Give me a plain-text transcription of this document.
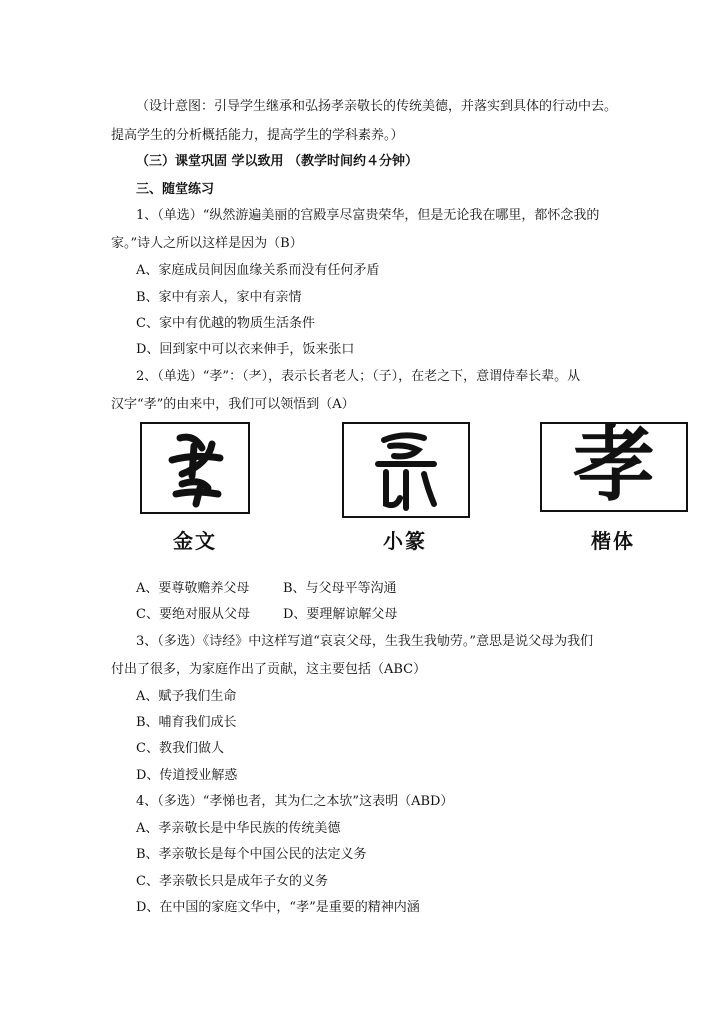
（设计意图：引导学生继承和弘扬孝亲敬长的传统美德，并落实到具体的行动中去。
提高学生的分析概括能力，提高学生的学科素养。）
（三）课堂巩固 学以致用 （教学时间约４分钟）
三、随堂练习
1、（单选）“纵然游遍美丽的宫殿享尽富贵荣华，但是无论我在哪里，都怀念我的
家。”诗人之所以这样是因为（B）
A、家庭成员间因血缘关系而没有任何矛盾
B、家中有亲人，家中有亲情
C、家中有优越的物质生活条件
D、回到家中可以衣来伸手，饭来张口
2、（单选）“孝”：（耂），表示长者老人；（子），在老之下，意谓侍奉长辈。从
汉字“孝”的由来中，我们可以领悟到（A）
金文	小篆
孝
楷体
A、要尊敬赡养父母	B、与父母平等沟通
C、要绝对服从父母	D、要理解谅解父母
3、（多选）《诗经》中这样写道“哀哀父母，生我生我劬劳。”意思是说父母为我们
付出了很多，为家庭作出了贡献，这主要包括（ABC）
A、赋予我们生命
B、哺育我们成长
C、教我们做人
D、传道授业解惑
4、（多选）“孝悌也者，其为仁之本欤”这表明（ABD）
A、孝亲敬长是中华民族的传统美德
B、孝亲敬长是每个中国公民的法定义务
C、孝亲敬长只是成年子女的义务
D、在中国的家庭文华中，“孝”是重要的精神内涵
